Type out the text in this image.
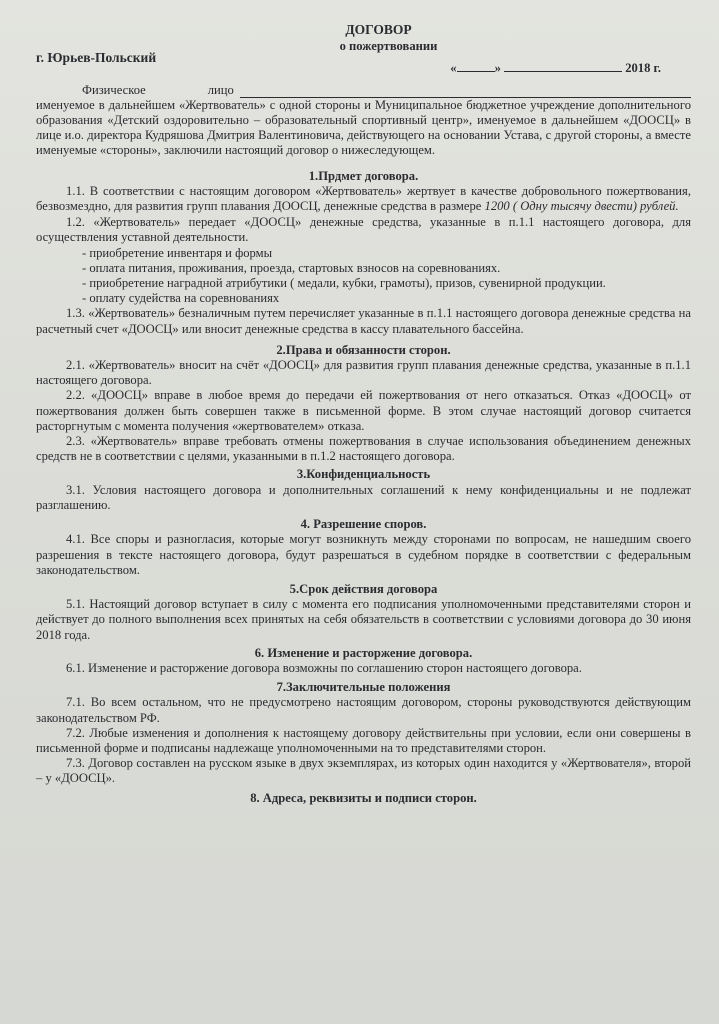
ДОГОВОР
о пожертвовании
г. Юрьев-Польский
«	»	2018 г.
Физическое	лицо

именуемое в дальнейшем «Жертвователь» с одной стороны и Муниципальное бюджетное учреждение дополнительного образования «Детский оздоровительно – образовательный спортивный центр», именуемое в дальнейшем «ДООСЦ» в лице и.о. директора Кудряшова Дмитрия Валентиновича, действующего на основании Устава, с другой стороны, а вместе именуемые «стороны», заключили настоящий договор о нижеследующем.

1.Прдмет договора.

1.1. В соответствии с настоящим договором «Жертвователь» жертвует в качестве добровольного пожертвования, безвозмездно, для развития групп плавания ДООСЦ, денежные средства в размере 1200 ( Одну тысячу двести) рублей.

1.2. «Жертвователь» передает «ДООСЦ» денежные средства, указанные в п.1.1 настоящего договора, для осуществления уставной деятельности.

- приобретение инвентаря и формы
- оплата питания, проживания, проезда, стартовых взносов на соревнованиях.
- приобретение наградной атрибутики ( медали, кубки, грамоты), призов, сувенирной продукции.
- оплату судейства на соревнованиях

1.3. «Жертвователь» безналичным путем перечисляет указанные в п.1.1 настоящего договора денежные средства на расчетный счет «ДООСЦ» или вносит денежные средства в кассу плавательного бассейна.

2.Права и обязанности сторон.

2.1. «Жертвователь» вносит на счёт «ДООСЦ» для развития групп плавания денежные средства, указанные в п.1.1 настоящего договора.

2.2. «ДООСЦ» вправе в любое время до передачи ей пожертвования от него отказаться. Отказ «ДООСЦ» от пожертвования должен быть совершен также в письменной форме. В этом случае настоящий договор считается расторгнутым с момента получения «жертвователем» отказа.

2.3. «Жертвователь» вправе требовать отмены пожертвования в случае использования объединением денежных средств не в соответствии с целями, указанными в п.1.2 настоящего договора.

3.Конфиденциальность

3.1. Условия настоящего договора и дополнительных соглашений к нему конфиденциальны и не подлежат разглашению.

4. Разрешение споров.

4.1. Все споры и разногласия, которые могут возникнуть между сторонами по вопросам, не нашедшим своего разрешения в тексте настоящего договора, будут разрешаться в судебном порядке в соответствии с федеральным законодательством.

5.Срок действия договора

5.1. Настоящий договор вступает в силу с момента его подписания уполномоченными представителями сторон и действует до полного выполнения всех принятых на себя обязательств в соответствии с условиями договора до 30 июня 2018 года.

6. Изменение и расторжение договора.

6.1. Изменение и расторжение договора возможны по соглашению сторон настоящего договора.

7.Заключительные положения

7.1. Во всем остальном, что не предусмотрено настоящим договором, стороны руководствуются действующим законодательством РФ.

7.2. Любые изменения и дополнения к настоящему договору действительны при условии, если они совершены в письменной форме и подписаны надлежаще уполномоченными на то представителями сторон.

7.3. Договор составлен на русском языке в двух экземплярах, из которых один находится у «Жертвователя», второй – у «ДООСЦ».

8. Адреса, реквизиты и подписи сторон.
